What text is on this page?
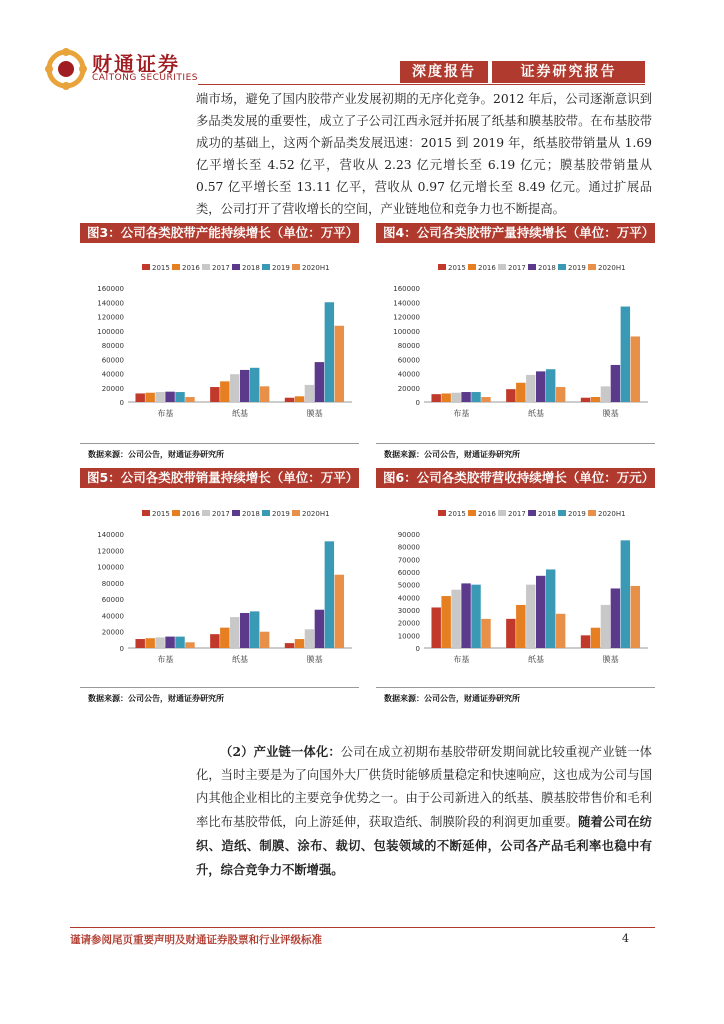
财通证券
CAITONG SECURITIES	深度报告	证券研究报告
端市场，避免了国内胶带产业发展初期的无序化竞争。2012 年后，公司逐渐意识到多品类发展的重要性，成立了子公司江西永冠并拓展了纸基和膜基胶带。在布基胶带成功的基础上，这两个新品类发展迅速：2015 到 2019 年，纸基胶带销量从 1.69 亿平增长至 4.52 亿平，营收从 2.23 亿元增长至 6.19 亿元；膜基胶带销量从 0.57 亿平增长至 13.11 亿平，营收从 0.97 亿元增长至 8.49 亿元。通过扩展品类，公司打开了营收增长的空间，产业链地位和竞争力也不断提高。
图3：公司各类胶带产能持续增长（单位：万平）	图4：公司各类胶带产量持续增长（单位：万平）
图5：公司各类胶带销量持续增长（单位：万平）	图6：公司各类胶带营收持续增长（单位：万元）
2015 2016 2017 2018 2019 2020H1
0
20000
40000
60000
80000
100000
120000
140000
160000
布基	纸基	膜基
2015 2016 2017 2018 2019 2020H1
0
20000
40000
60000
80000
100000
120000
140000
160000
布基	纸基	膜基
2015 2016 2017 2018 2019 2020H1
0
20000
40000
60000
80000
100000
120000
140000
布基	纸基	膜基
2015 2016 2017 2018 2019 2020H1
0
10000
20000
30000
40000
50000
60000
70000
80000
90000
布基	纸基	膜基
数据来源：公司公告，财通证券研究所	数据来源：公司公告，财通证券研究所
数据来源：公司公告，财通证券研究所	数据来源：公司公告，财通证券研究所
（2）产业链一体化：公司在成立初期布基胶带研发期间就比较重视产业链一体化，当时主要是为了向国外大厂供货时能够质量稳定和快速响应，这也成为公司与国内其他企业相比的主要竞争优势之一。由于公司新进入的纸基、膜基胶带售价和毛利率比布基胶带低，向上游延伸，获取造纸、制膜阶段的利润更加重要。随着公司在纺织、造纸、制膜、涂布、裁切、包装领域的不断延伸，公司各产品毛利率也稳中有升，综合竞争力不断增强。
谨请参阅尾页重要声明及财通证券股票和行业评级标准	4
